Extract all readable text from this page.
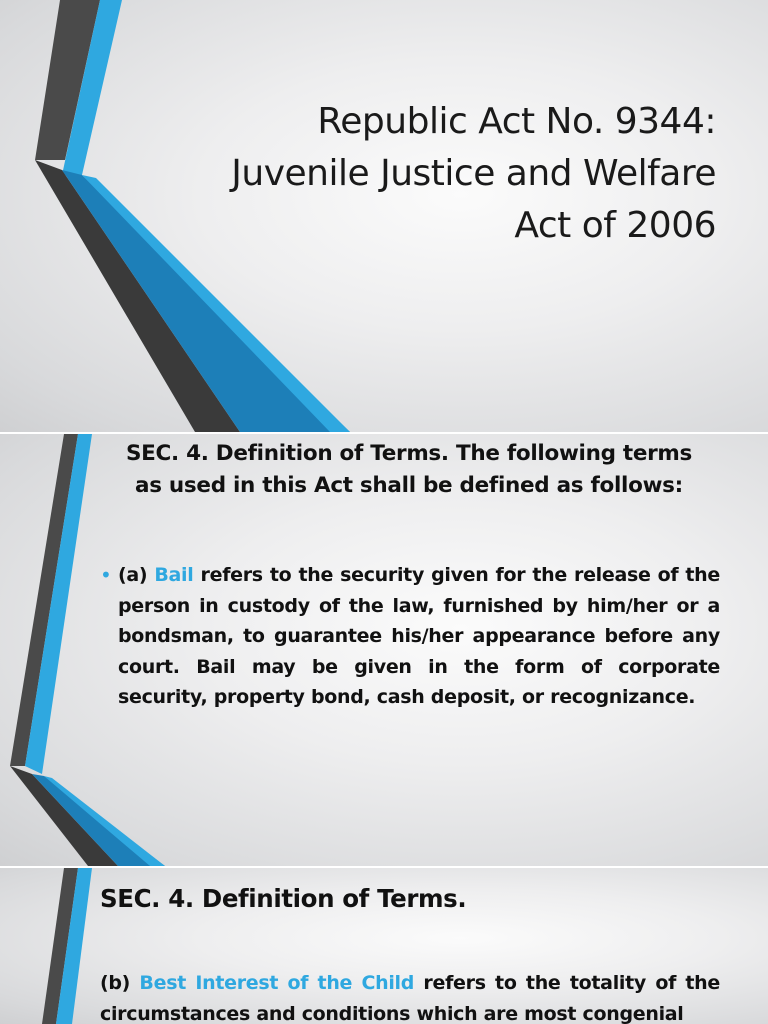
Republic Act No. 9344:
Juvenile Justice and Welfare
Act of 2006
SEC. 4. Definition of Terms. The following terms
as used in this Act shall be defined as follows:
• (a) Bail refers to the security given for the release of the person in custody of the law, furnished by him/her or a bondsman, to guarantee his/her appearance before any court. Bail may be given in the form of corporate security, property bond, cash deposit, or recognizance.
SEC. 4. Definition of Terms.
(b) Best Interest of the Child refers to the totality of the circumstances and conditions which are most congenial
